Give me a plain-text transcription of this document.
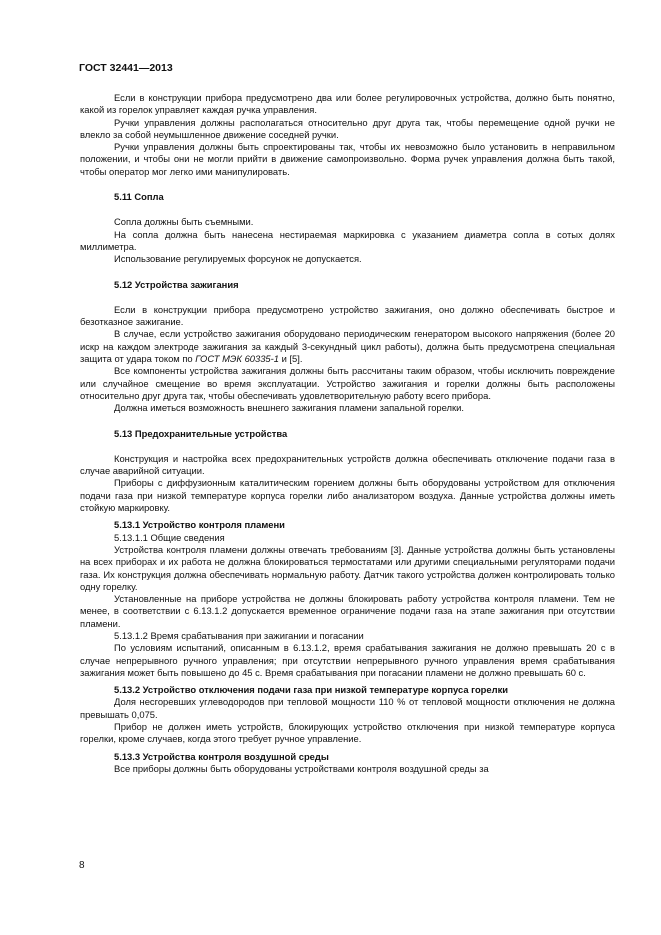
ГОСТ 32441—2013

Если в конструкции прибора предусмотрено два или более регулировочных устройства, должно быть понятно, какой из горелок управляет каждая ручка управления.

Ручки управления должны располагаться относительно друг друга так, чтобы перемещение одной ручки не влекло за собой неумышленное движение соседней ручки.

Ручки управления должны быть спроектированы так, чтобы их невозможно было установить в неправильном положении, и чтобы они не могли прийти в движение самопроизвольно. Форма ручек управления должна быть такой, чтобы оператор мог легко ими манипулировать.

5.11 Сопла

Сопла должны быть съемными.

На сопла должна быть нанесена нестираемая маркировка с указанием диаметра сопла в сотых долях миллиметра.

Использование регулируемых форсунок не допускается.

5.12 Устройства зажигания

Если в конструкции прибора предусмотрено устройство зажигания, оно должно обеспечивать быстрое и безотказное зажигание.

В случае, если устройство зажигания оборудовано периодическим генератором высокого напряжения (более 20 искр на каждом электроде зажигания за каждый 3-секундный цикл работы), должна быть предусмотрена специальная защита от удара током по ГОСТ МЭК 60335-1 и [5].

Все компоненты устройства зажигания должны быть рассчитаны таким образом, чтобы исключить повреждение или случайное смещение во время эксплуатации. Устройство зажигания и горелки должны быть расположены относительно друг друга так, чтобы обеспечивать удовлетворительную работу всего прибора.

Должна иметься возможность внешнего зажигания пламени запальной горелки.

5.13 Предохранительные устройства

Конструкция и настройка всех предохранительных устройств должна обеспечивать отключение подачи газа в случае аварийной ситуации.

Приборы с диффузионным каталитическим горением должны быть оборудованы устройством для отключения подачи газа при низкой температуре корпуса горелки либо анализатором воздуха. Данные устройства должны иметь стойкую маркировку.

5.13.1 Устройство контроля пламени
5.13.1.1 Общие сведения

Устройства контроля пламени должны отвечать требованиям [3]. Данные устройства должны быть установлены на всех приборах и их работа не должна блокироваться термостатами или другими специальными регуляторами подачи газа. Их конструкция должна обеспечивать нормальную работу. Датчик такого устройства должен контролировать только одну горелку.

Установленные на приборе устройства не должны блокировать работу устройства контроля пламени. Тем не менее, в соответствии с 6.13.1.2 допускается временное ограничение подачи газа на этапе зажигания при отсутствии пламени.

5.13.1.2 Время срабатывания при зажигании и погасании

По условиям испытаний, описанным в 6.13.1.2, время срабатывания зажигания не должно превышать 20 с в случае непрерывного ручного управления; при отсутствии непрерывного ручного управления время срабатывания зажигания может быть повышено до 45 с. Время срабатывания при погасании пламени не должно превышать 60 с.

5.13.2 Устройство отключения подачи газа при низкой температуре корпуса горелки

Доля несгоревших углеводородов при тепловой мощности 110 % от тепловой мощности отключения не должна превышать 0,075.

Прибор не должен иметь устройств, блокирующих устройство отключения при низкой температуре корпуса горелки, кроме случаев, когда этого требует ручное управление.

5.13.3 Устройства контроля воздушной среды

Все приборы должны быть оборудованы устройствами контроля воздушной среды за

8
